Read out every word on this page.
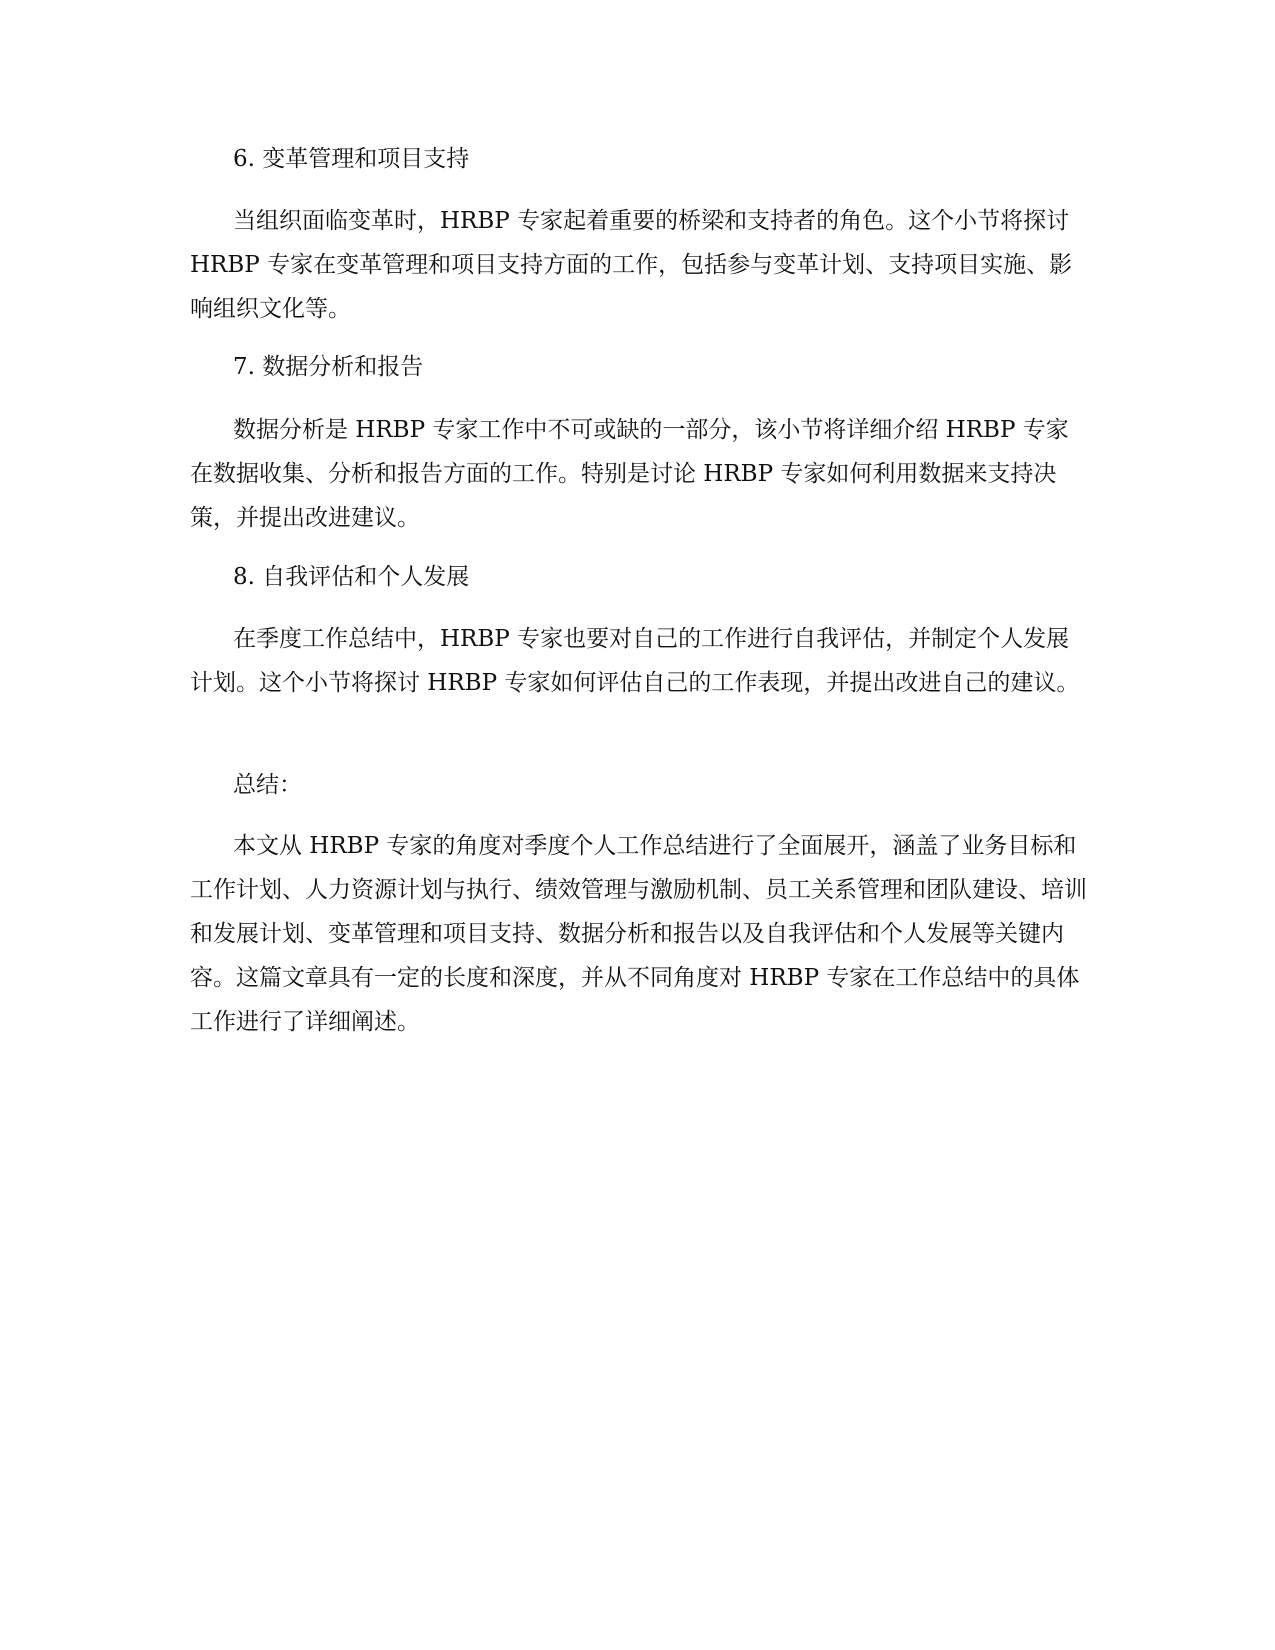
6. 变革管理和项目支持
当组织面临变革时，HRBP 专家起着重要的桥梁和支持者的角色。这个小节将探讨 HRBP 专家在变革管理和项目支持方面的工作，包括参与变革计划、支持项目实施、影响组织文化等。
7. 数据分析和报告
数据分析是 HRBP 专家工作中不可或缺的一部分，该小节将详细介绍 HRBP 专家在数据收集、分析和报告方面的工作。特别是讨论 HRBP 专家如何利用数据来支持决策，并提出改进建议。
8. 自我评估和个人发展
在季度工作总结中，HRBP 专家也要对自己的工作进行自我评估，并制定个人发展计划。这个小节将探讨 HRBP 专家如何评估自己的工作表现，并提出改进自己的建议。
总结：
本文从 HRBP 专家的角度对季度个人工作总结进行了全面展开，涵盖了业务目标和工作计划、人力资源计划与执行、绩效管理与激励机制、员工关系管理和团队建设、培训和发展计划、变革管理和项目支持、数据分析和报告以及自我评估和个人发展等关键内容。这篇文章具有一定的长度和深度，并从不同角度对 HRBP 专家在工作总结中的具体工作进行了详细阐述。
